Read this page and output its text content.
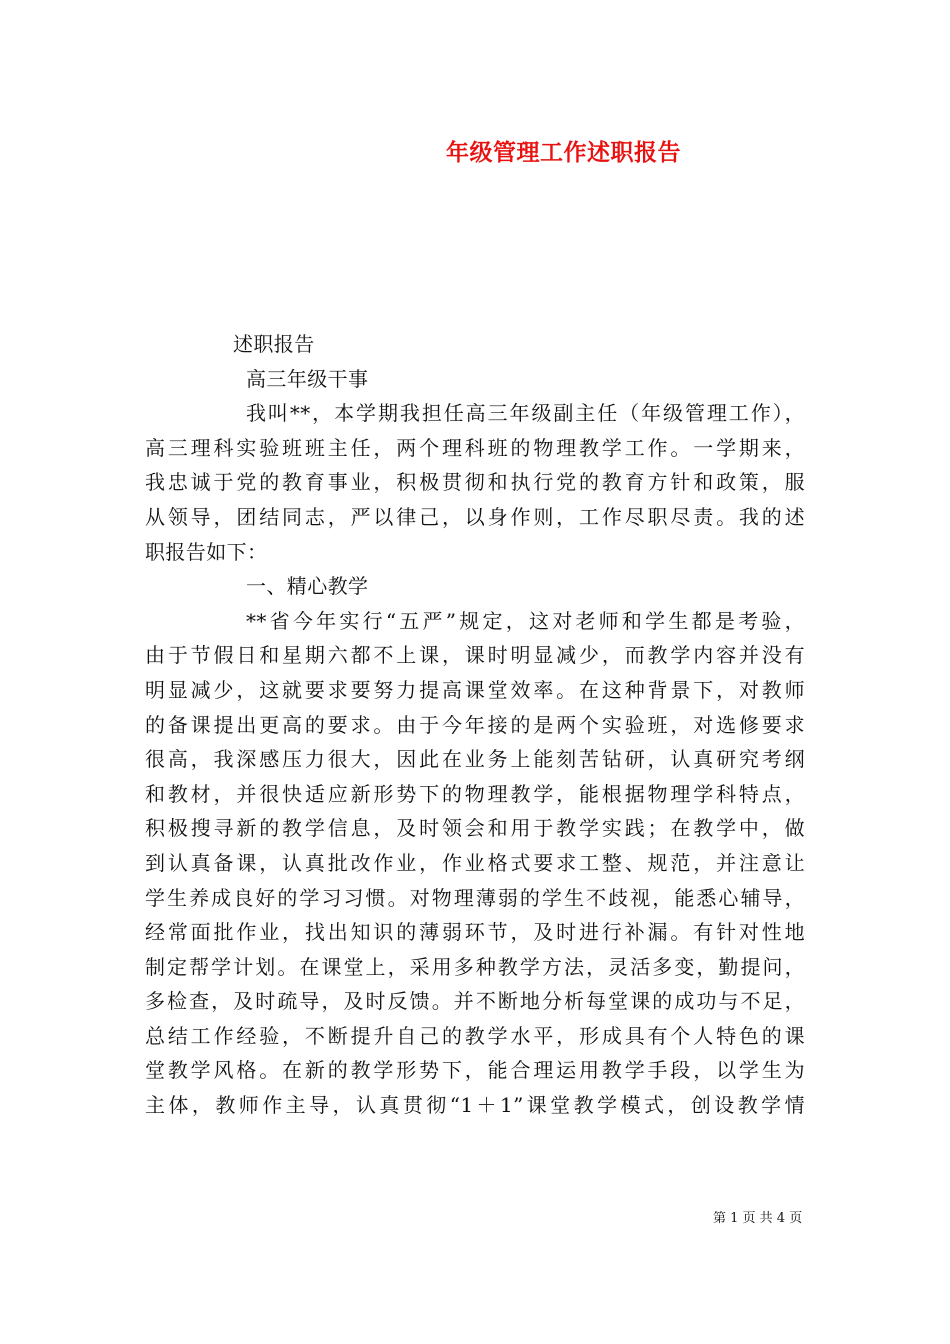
年级管理工作述职报告
述职报告
高三年级干事
我叫**，本学期我担任高三年级副主任（年级管理工作），
高三理科实验班班主任，两个理科班的物理教学工作。一学期来，
我忠诚于党的教育事业，积极贯彻和执行党的教育方针和政策，服
从领导，团结同志，严以律己，以身作则，工作尽职尽责。我的述
职报告如下：
一、精心教学
**省今年实行“五严”规定，这对老师和学生都是考验，
由于节假日和星期六都不上课，课时明显减少，而教学内容并没有
明显减少，这就要求要努力提高课堂效率。在这种背景下，对教师
的备课提出更高的要求。由于今年接的是两个实验班，对选修要求
很高，我深感压力很大，因此在业务上能刻苦钻研，认真研究考纲
和教材，并很快适应新形势下的物理教学，能根据物理学科特点，
积极搜寻新的教学信息，及时领会和用于教学实践；在教学中，做
到认真备课，认真批改作业，作业格式要求工整、规范，并注意让
学生养成良好的学习习惯。对物理薄弱的学生不歧视，能悉心辅导，
经常面批作业，找出知识的薄弱环节，及时进行补漏。有针对性地
制定帮学计划。在课堂上，采用多种教学方法，灵活多变，勤提问，
多检查，及时疏导，及时反馈。并不断地分析每堂课的成功与不足，
总结工作经验，不断提升自己的教学水平，形成具有个人特色的课
堂教学风格。在新的教学形势下，能合理运用教学手段，以学生为
主体，教师作主导，认真贯彻“1＋1”课堂教学模式，创设教学情
第 1 页 共 4 页
